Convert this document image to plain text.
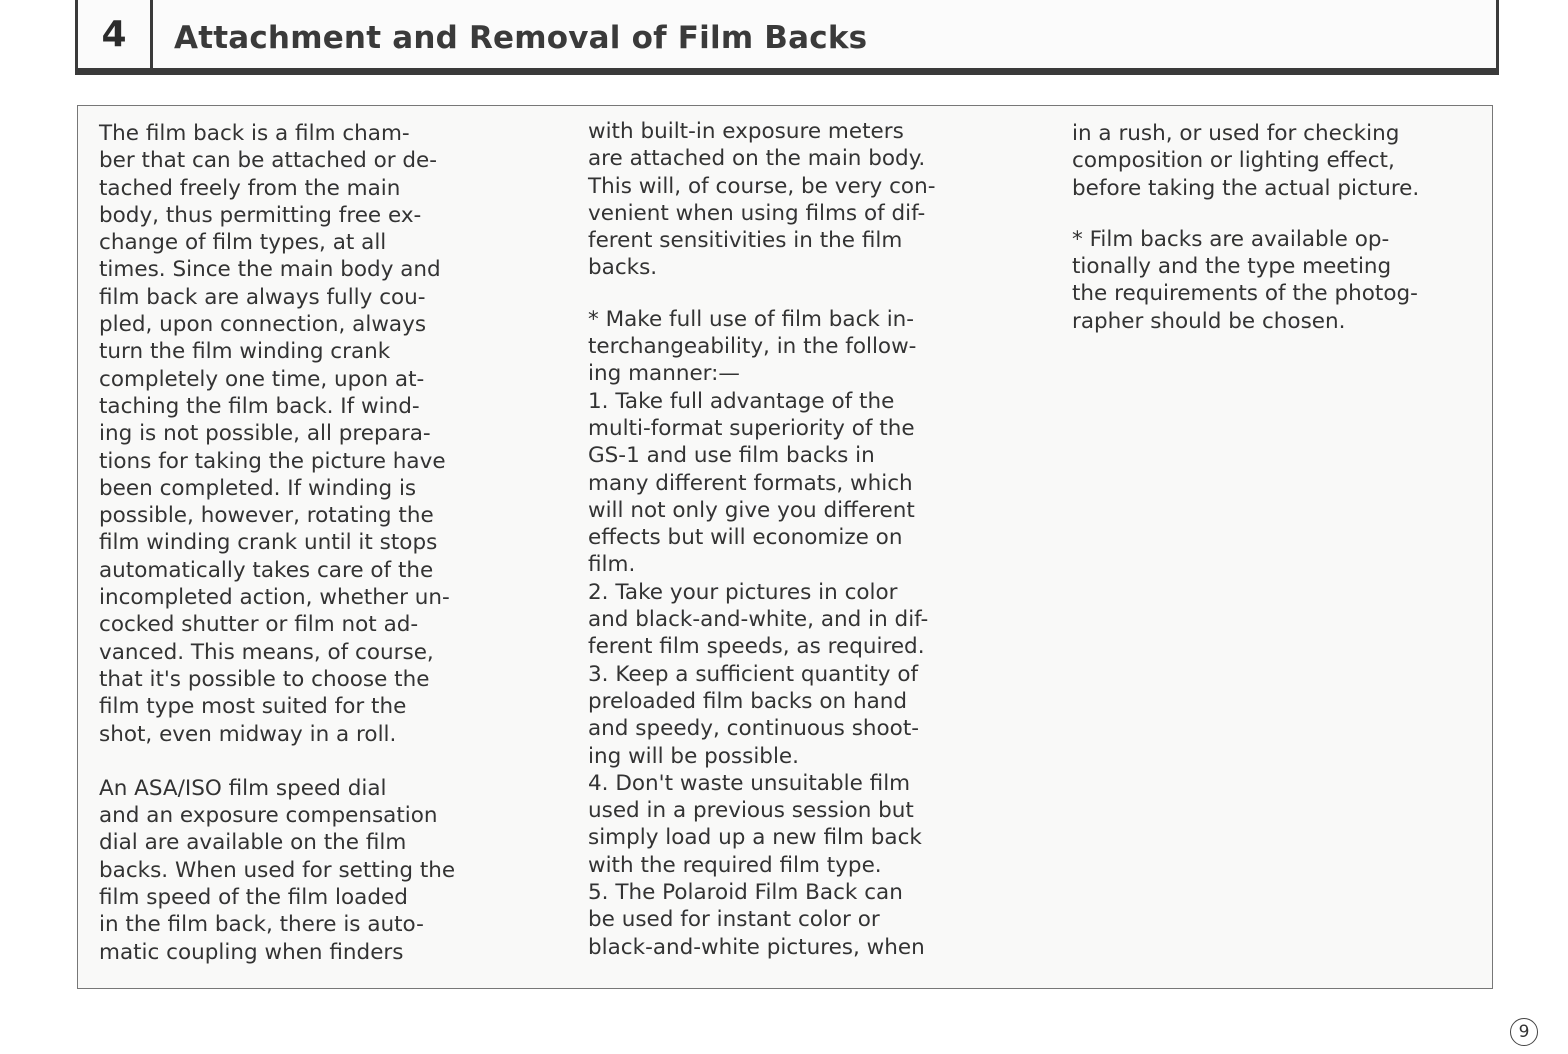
4	Attachment and Removal of Film Backs

The film back is a film cham-
ber that can be attached or de-
tached freely from the main
body, thus permitting free ex-
change of film types, at all
times. Since the main body and
film back are always fully cou-
pled, upon connection, always
turn the film winding crank
completely one time, upon at-
taching the film back. If wind-
ing is not possible, all prepara-
tions for taking the picture have
been completed. If winding is
possible, however, rotating the
film winding crank until it stops
automatically takes care of the
incompleted action, whether un-
cocked shutter or film not ad-
vanced. This means, of course,
that it's possible to choose the
film type most suited for the
shot, even midway in a roll.

An ASA/ISO film speed dial
and an exposure compensation
dial are available on the film
backs. When used for setting the
film speed of the film loaded
in the film back, there is auto-
matic coupling when finders

with built-in exposure meters
are attached on the main body.
This will, of course, be very con-
venient when using films of dif-
ferent sensitivities in the film
backs.

* Make full use of film back in-
terchangeability, in the follow-
ing manner:—
1. Take full advantage of the
multi-format superiority of the
GS-1 and use film backs in
many different formats, which
will not only give you different
effects but will economize on
film.
2. Take your pictures in color
and black-and-white, and in dif-
ferent film speeds, as required.
3. Keep a sufficient quantity of
preloaded film backs on hand
and speedy, continuous shoot-
ing will be possible.
4. Don't waste unsuitable film
used in a previous session but
simply load up a new film back
with the required film type.
5. The Polaroid Film Back can
be used for instant color or
black-and-white pictures, when

in a rush, or used for checking
composition or lighting effect,
before taking the actual picture.

* Film backs are available op-
tionally and the type meeting
the requirements of the photog-
rapher should be chosen.

9
